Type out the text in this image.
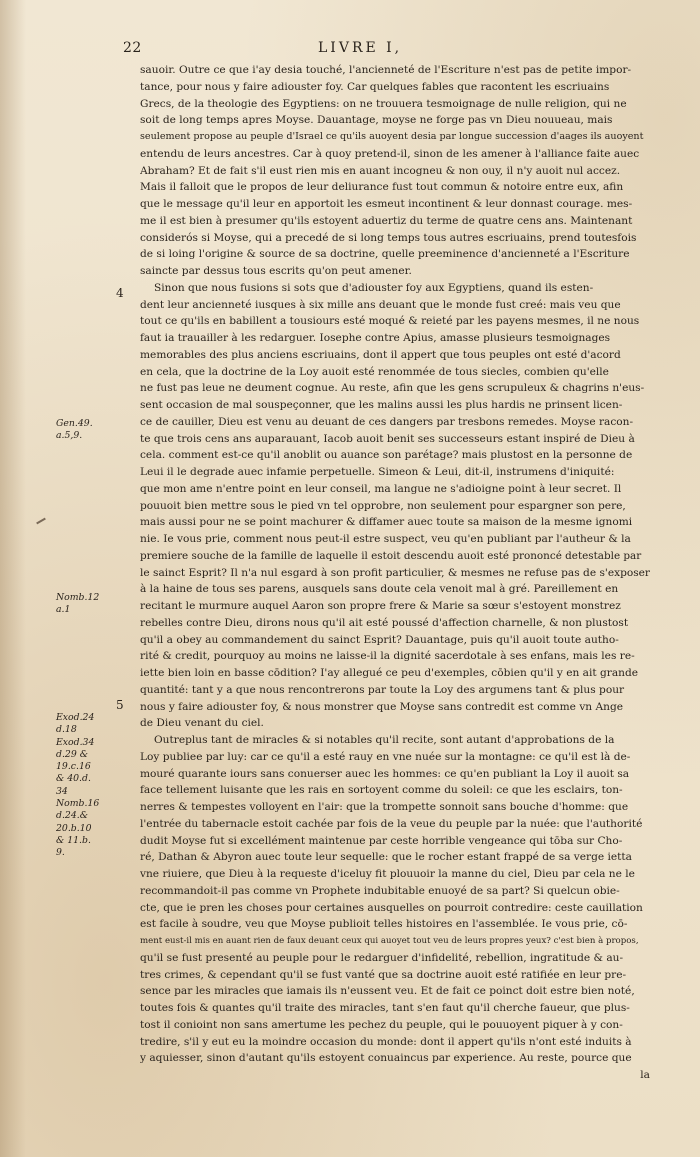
22	LIVRE I,
4
5
Gen.49.
a.5,9.
Nomb.12
a.1
Exod.24
d.18
Exod.34
d.29 &
19.c.16
& 40.d.
34
Nomb.16
d.24.&
20.b.10
& 11.b.
9.
sauoir. Outre ce que i'ay desia touché, l'ancienneté de l'Escriture n'est pas de petite impor-
tance, pour nous y faire adiouster foy. Car quelques fables que racontent les escriuains
Grecs, de la theologie des Egyptiens: on ne trouuera tesmoignage de nulle religion, qui ne
soit de long temps apres Moyse. Dauantage, moyse ne forge pas vn Dieu nouueau, mais
seulement propose au peuple d'Israel ce qu'ils auoyent desia par longue succession d'aages ils auoyent
entendu de leurs ancestres. Car à quoy pretend-il, sinon de les amener à l'alliance faite auec
Abraham? Et de fait s'il eust rien mis en auant incogneu & non ouy, il n'y auoit nul accez.
Mais il falloit que le propos de leur deliurance fust tout commun & notoire entre eux, afin
que le message qu'il leur en apportoit les esmeut incontinent & leur donnast courage. mes-
me il est bien à presumer qu'ils estoyent aduertiz du terme de quatre cens ans. Maintenant
considerós si Moyse, qui a precedé de si long temps tous autres escriuains, prend toutesfois
de si loing l'origine & source de sa doctrine, quelle preeminence d'ancienneté a l'Escriture
saincte par dessus tous escrits qu'on peut amener.
Sinon que nous fusions si sots que d'adiouster foy aux Egyptiens, quand ils esten-
dent leur ancienneté iusques à six mille ans deuant que le monde fust creé: mais veu que
tout ce qu'ils en babillent a tousiours esté moqué & reieté par les payens mesmes, il ne nous
faut ia trauailler à les redarguer. Iosephe contre Apius, amasse plusieurs tesmoignages
memorables des plus anciens escriuains, dont il appert que tous peuples ont esté d'acord
en cela, que la doctrine de la Loy auoit esté renommée de tous siecles, combien qu'elle
ne fust pas leue ne deument cognue. Au reste, afin que les gens scrupuleux & chagrins n'eus-
sent occasion de mal souspeçonner, que les malins aussi les plus hardis ne prinsent licen-
ce de cauiller, Dieu est venu au deuant de ces dangers par tresbons remedes. Moyse racon-
te que trois cens ans auparauant, Iacob auoit benit ses successeurs estant inspiré de Dieu à
cela. comment est-ce qu'il anoblit ou auance son parétage? mais plustost en la personne de
Leui il le degrade auec infamie perpetuelle. Simeon & Leui, dit-il, instrumens d'iniquité:
que mon ame n'entre point en leur conseil, ma langue ne s'adioigne point à leur secret. Il
pouuoit bien mettre sous le pied vn tel opprobre, non seulement pour espargner son pere,
mais aussi pour ne se point machurer & diffamer auec toute sa maison de la mesme ignomi
nie. Ie vous prie, comment nous peut-il estre suspect, veu qu'en publiant par l'autheur & la
premiere souche de la famille de laquelle il estoit descendu auoit esté prononcé detestable par
le sainct Esprit? Il n'a nul esgard à son profit particulier, & mesmes ne refuse pas de s'exposer
à la haine de tous ses parens, ausquels sans doute cela venoit mal à gré. Pareillement en
recitant le murmure auquel Aaron son propre frere & Marie sa sœur s'estoyent monstrez
rebelles contre Dieu, dirons nous qu'il ait esté poussé d'affection charnelle, & non plustost
qu'il a obey au commandement du sainct Esprit? Dauantage, puis qu'il auoit toute autho-
rité & credit, pourquoy au moins ne laisse-il la dignité sacerdotale à ses enfans, mais les re-
iette bien loin en basse cōdition? I'ay allegué ce peu d'exemples, cōbien qu'il y en ait grande
quantité: tant y a que nous rencontrerons par toute la Loy des argumens tant & plus pour
nous y faire adiouster foy, & nous monstrer que Moyse sans contredit est comme vn Ange
de Dieu venant du ciel.
Outreplus tant de miracles & si notables qu'il recite, sont autant d'approbations de la
Loy publiee par luy: car ce qu'il a esté rauy en vne nuée sur la montagne: ce qu'il est là de-
mouré quarante iours sans conuerser auec les hommes: ce qu'en publiant la Loy il auoit sa
face tellement luisante que les rais en sortoyent comme du soleil: ce que les esclairs, ton-
nerres & tempestes volloyent en l'air: que la trompette sonnoit sans bouche d'homme: que
l'entrée du tabernacle estoit cachée par fois de la veue du peuple par la nuée: que l'authorité
dudit Moyse fut si excellément maintenue par ceste horrible vengeance qui tōba sur Cho-
ré, Dathan & Abyron auec toute leur sequelle: que le rocher estant frappé de sa verge ietta
vne riuiere, que Dieu à la requeste d'iceluy fit plouuoir la manne du ciel, Dieu par cela ne le
recommandoit-il pas comme vn Prophete indubitable enuoyé de sa part? Si quelcun obie-
cte, que ie pren les choses pour certaines ausquelles on pourroit contredire: ceste cauillation
est facile à soudre, veu que Moyse publioit telles histoires en l'assemblée. Ie vous prie, cō-
ment eust-il mis en auant rien de faux deuant ceux qui auoyet tout veu de leurs propres yeux? c'est bien à propos,
qu'il se fust presenté au peuple pour le redarguer d'infidelité, rebellion, ingratitude & au-
tres crimes, & cependant qu'il se fust vanté que sa doctrine auoit esté ratifiée en leur pre-
sence par les miracles que iamais ils n'eussent veu. Et de fait ce poinct doit estre bien noté,
toutes fois & quantes qu'il traite des miracles, tant s'en faut qu'il cherche faueur, que plus-
tost il conioint non sans amertume les pechez du peuple, qui le pouuoyent piquer à y con-
tredire, s'il y eut eu la moindre occasion du monde: dont il appert qu'ils n'ont esté induits à
y aquiesser, sinon d'autant qu'ils estoyent conuaincus par experience. Au reste, pource que
la
